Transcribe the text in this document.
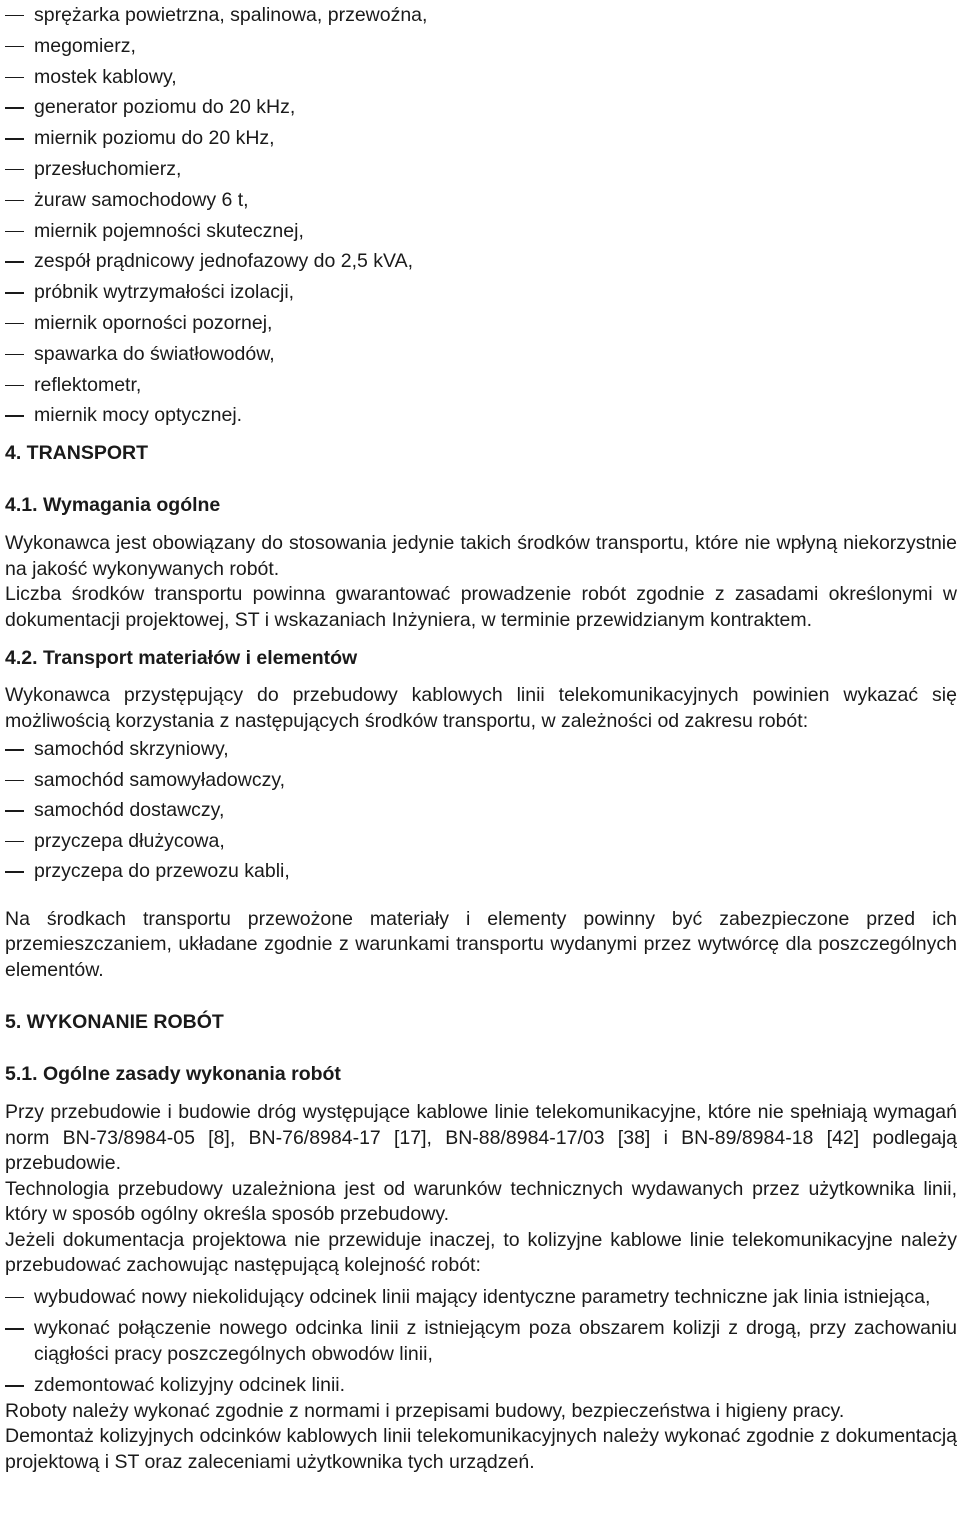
sprężarka powietrzna, spalinowa, przewoźna,
megomierz,
mostek kablowy,
generator poziomu do 20 kHz,
miernik poziomu do 20 kHz,
przesłuchomierz,
żuraw samochodowy 6 t,
miernik pojemności skutecznej,
zespół prądnicowy jednofazowy do 2,5 kVA,
próbnik wytrzymałości izolacji,
miernik oporności pozornej,
spawarka do światłowodów,
reflektometr,
miernik mocy optycznej.
4. TRANSPORT
4.1. Wymagania ogólne
Wykonawca jest obowiązany do stosowania jedynie takich środków transportu, które nie wpłyną niekorzystnie na jakość wykonywanych robót.
Liczba środków transportu powinna gwarantować prowadzenie robót zgodnie z zasadami określonymi w dokumentacji projektowej, ST i wskazaniach Inżyniera, w terminie przewidzianym kontraktem.
4.2. Transport materiałów i elementów
Wykonawca przystępujący do przebudowy kablowych linii telekomunikacyjnych powinien wykazać się możliwością korzystania z następujących środków transportu, w zależności od zakresu robót:
samochód skrzyniowy,
samochód samowyładowczy,
samochód dostawczy,
przyczepa dłużycowa,
przyczepa do przewozu kabli,
Na środkach transportu przewożone materiały i elementy powinny być zabezpieczone przed ich przemieszczaniem, układane zgodnie z warunkami transportu wydanymi przez wytwórcę dla poszczególnych elementów.
5. WYKONANIE ROBÓT
5.1. Ogólne zasady wykonania robót
Przy przebudowie i budowie dróg występujące kablowe linie telekomunikacyjne, które nie spełniają wymagań norm BN-73/8984-05 [8], BN-76/8984-17 [17], BN-88/8984-17/03 [38] i BN-89/8984-18 [42] podlegają przebudowie.
Technologia przebudowy uzależniona jest od warunków technicznych wydawanych przez użytkownika linii, który w sposób ogólny określa sposób przebudowy.
Jeżeli dokumentacja projektowa nie przewiduje inaczej, to kolizyjne kablowe linie telekomunikacyjne należy przebudować zachowując następującą kolejność robót:
wybudować nowy niekolidujący odcinek linii mający identyczne parametry techniczne jak linia istniejąca,
wykonać połączenie nowego odcinka linii z istniejącym poza obszarem kolizji z drogą, przy zachowaniu ciągłości pracy poszczególnych obwodów linii,
zdemontować kolizyjny odcinek linii.
Roboty należy wykonać zgodnie z normami i przepisami budowy, bezpieczeństwa i higieny pracy.
Demontaż kolizyjnych odcinków kablowych linii telekomunikacyjnych należy wykonać zgodnie z dokumentacją projektową i ST oraz zaleceniami użytkownika tych urządzeń.
